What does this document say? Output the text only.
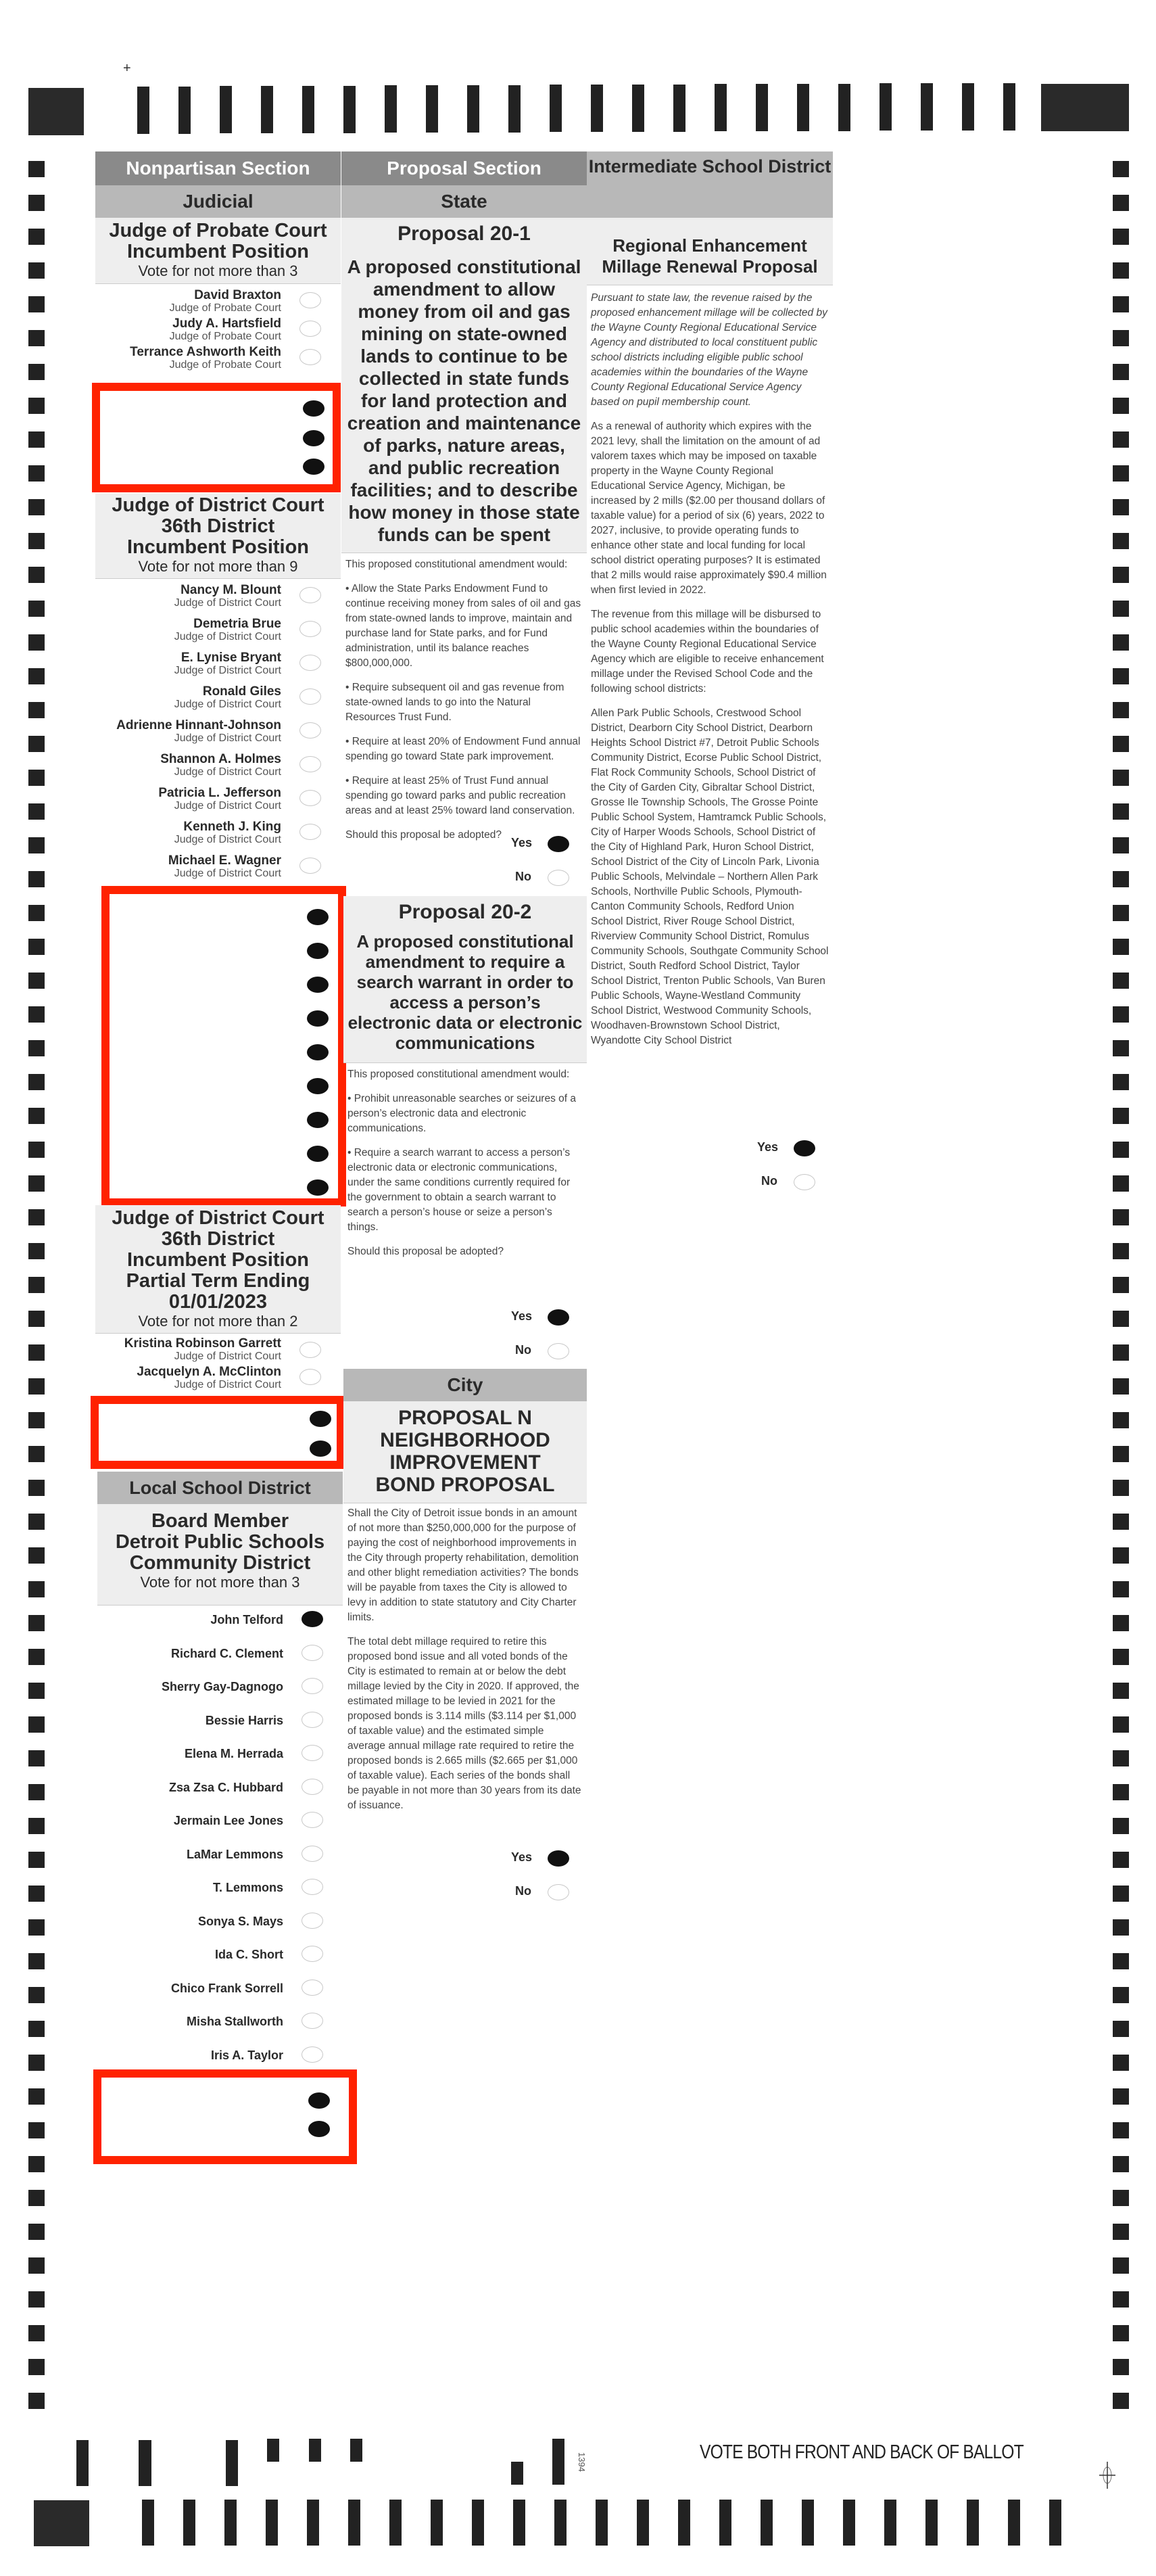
+
Nonpartisan Section
Judicial
Judge of Probate Court
Incumbent Position
Vote for not more than 3
David Braxton
Judge of Probate Court
Judy A. Hartsfield
Judge of Probate Court
Terrance Ashworth Keith
Judge of Probate Court
Judge of District Court
36th District
Incumbent Position
Vote for not more than 9
Nancy M. Blount
Judge of District Court
Demetria Brue
Judge of District Court
E. Lynise Bryant
Judge of District Court
Ronald Giles
Judge of District Court
Adrienne Hinnant-Johnson
Judge of District Court
Shannon A. Holmes
Judge of District Court
Patricia L. Jefferson
Judge of District Court
Kenneth J. King
Judge of District Court
Michael E. Wagner
Judge of District Court
Judge of District Court
36th District
Incumbent Position
Partial Term Ending
01/01/2023
Vote for not more than 2
Kristina Robinson Garrett
Judge of District Court
Jacquelyn A. McClinton
Judge of District Court
Local School District
Board Member
Detroit Public Schools
Community District
Vote for not more than 3
John Telford
Richard C. Clement
Sherry Gay-Dagnogo
Bessie Harris
Elena M. Herrada
Zsa Zsa C. Hubbard
Jermain Lee Jones
LaMar Lemmons
T. Lemmons
Sonya S. Mays
Ida C. Short
Chico Frank Sorrell
Misha Stallworth
Iris A. Taylor
Proposal Section
State
Proposal 20-1
A proposed constitutional amendment to allow money from oil and gas mining on state-owned lands to continue to be collected in state funds for land protection and creation and maintenance of parks, nature areas, and public recreation facilities; and to describe how money in those state funds can be spent

This proposed constitutional amendment would:

• Allow the State Parks Endowment Fund to continue receiving money from sales of oil and gas from state-owned lands to improve, maintain and purchase land for State parks, and for Fund administration, until its balance reaches $800,000,000.

• Require subsequent oil and gas revenue from state-owned lands to go into the Natural Resources Trust Fund.

• Require at least 20% of Endowment Fund annual spending go toward State park improvement.

• Require at least 25% of Trust Fund annual spending go toward parks and public recreation areas and at least 25% toward land conservation.

Should this proposal be adopted?

Yes
No
Proposal 20-2
A proposed constitutional amendment to require a search warrant in order to access a person’s electronic data or electronic communications

This proposed constitutional amendment would:

• Prohibit unreasonable searches or seizures of a person’s electronic data and electronic communications.

• Require a search warrant to access a person’s electronic data or electronic communications, under the same conditions currently required for the government to obtain a search warrant to search a person’s house or seize a person’s things.

Should this proposal be adopted?

Yes
No
City
PROPOSAL N
NEIGHBORHOOD
IMPROVEMENT
BOND PROPOSAL

Shall the City of Detroit issue bonds in an amount of not more than $250,000,000 for the purpose of paying the cost of neighborhood improvements in the City through property rehabilitation, demolition and other blight remediation activities? The bonds will be payable from taxes the City is allowed to levy in addition to state statutory and City Charter limits.

The total debt millage required to retire this proposed bond issue and all voted bonds of the City is estimated to remain at or below the debt millage levied by the City in 2020. If approved, the estimated millage to be levied in 2021 for the proposed bonds is 3.114 mills ($3.114 per $1,000 of taxable value) and the estimated simple average annual millage rate required to retire the proposed bonds is 2.665 mills ($2.665 per $1,000 of taxable value). Each series of the bonds shall be payable in not more than 30 years from its date of issuance.

Yes
No
Intermediate School District
Regional Enhancement
Millage Renewal Proposal

Pursuant to state law, the revenue raised by the proposed enhancement millage will be collected by the Wayne County Regional Educational Service Agency and distributed to local constituent public school districts including eligible public school academies within the boundaries of the Wayne County Regional Educational Service Agency based on pupil membership count.

As a renewal of authority which expires with the 2021 levy, shall the limitation on the amount of ad valorem taxes which may be imposed on taxable property in the Wayne County Regional Educational Service Agency, Michigan, be increased by 2 mills ($2.00 per thousand dollars of taxable value) for a period of six (6) years, 2022 to 2027, inclusive, to provide operating funds to enhance other state and local funding for local school district operating purposes? It is estimated that 2 mills would raise approximately $90.4 million when first levied in 2022.

The revenue from this millage will be disbursed to public school academies within the boundaries of the Wayne County Regional Educational Service Agency which are eligible to receive enhancement millage under the Revised School Code and the following school districts:

Allen Park Public Schools, Crestwood School District, Dearborn City School District, Dearborn Heights School District #7, Detroit Public Schools Community District, Ecorse Public School District, Flat Rock Community Schools, School District of the City of Garden City, Gibraltar School District, Grosse Ile Township Schools, The Grosse Pointe Public School System, Hamtramck Public Schools, City of Harper Woods Schools, School District of the City of Highland Park, Huron School District, School District of the City of Lincoln Park, Livonia Public Schools, Melvindale – Northern Allen Park Schools, Northville Public Schools, Plymouth-Canton Community Schools, Redford Union School District, River Rouge School District, Riverview Community School District, Romulus Community Schools, Southgate Community School District, South Redford School District, Taylor School District, Trenton Public Schools, Van Buren Public Schools, Wayne-Westland Community School District, Westwood Community Schools, Woodhaven-Brownstown School District, Wyandotte City School District

Yes
No
1394	VOTE BOTH FRONT AND BACK OF BALLOT
